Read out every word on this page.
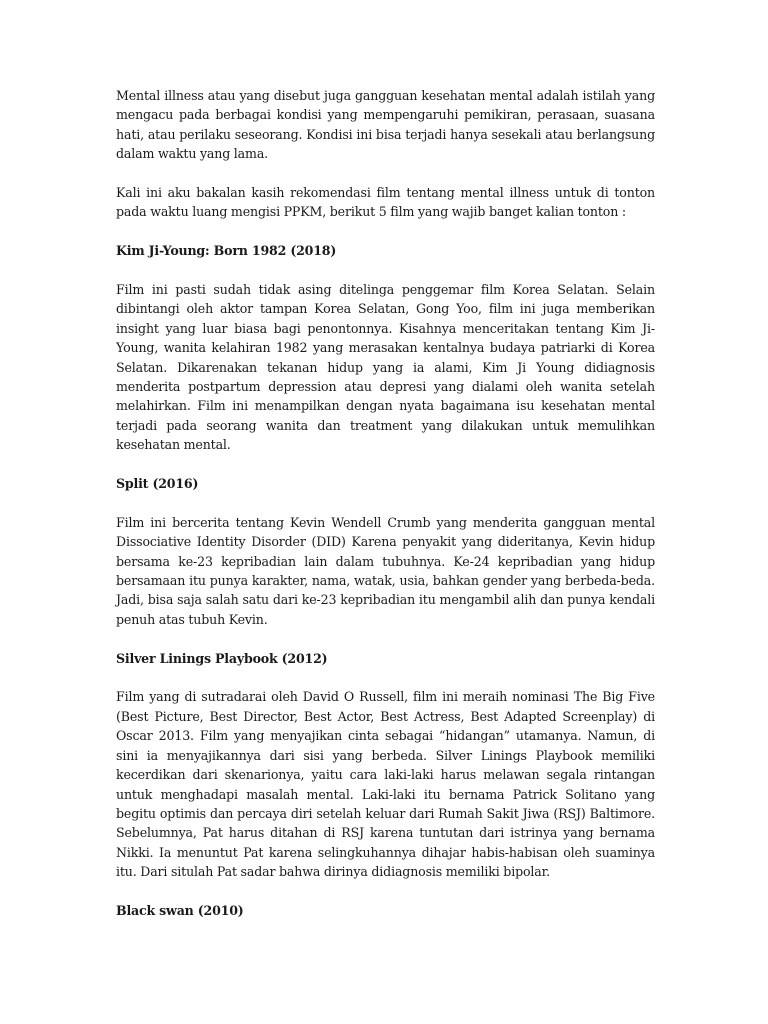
Mental illness atau yang disebut juga gangguan kesehatan mental adalah istilah yang mengacu pada berbagai kondisi yang mempengaruhi pemikiran, perasaan, suasana hati, atau perilaku seseorang. Kondisi ini bisa terjadi hanya sesekali atau berlangsung dalam waktu yang lama.

Kali ini aku bakalan kasih rekomendasi film tentang mental illness untuk di tonton pada waktu luang mengisi PPKM, berikut 5 film yang wajib banget kalian tonton :

Kim Ji-Young: Born 1982 (2018)

Film ini pasti sudah tidak asing ditelinga penggemar film Korea Selatan. Selain dibintangi oleh aktor tampan Korea Selatan, Gong Yoo, film ini juga memberikan insight yang luar biasa bagi penontonnya. Kisahnya menceritakan tentang Kim Ji-Young, wanita kelahiran 1982 yang merasakan kentalnya budaya patriarki di Korea Selatan. Dikarenakan tekanan hidup yang ia alami, Kim Ji Young didiagnosis menderita postpartum depression atau depresi yang dialami oleh wanita setelah melahirkan. Film ini menampilkan dengan nyata bagaimana isu kesehatan mental terjadi pada seorang wanita dan treatment yang dilakukan untuk memulihkan kesehatan mental.

Split (2016)

Film ini bercerita tentang Kevin Wendell Crumb yang menderita gangguan mental Dissociative Identity Disorder (DID) Karena penyakit yang dideritanya, Kevin hidup bersama ke-23 kepribadian lain dalam tubuhnya. Ke-24 kepribadian yang hidup bersamaan itu punya karakter, nama, watak, usia, bahkan gender yang berbeda-beda. Jadi, bisa saja salah satu dari ke-23 kepribadian itu mengambil alih dan punya kendali penuh atas tubuh Kevin.

Silver Linings Playbook (2012)

Film yang di sutradarai oleh David O Russell, film ini meraih nominasi The Big Five (Best Picture, Best Director, Best Actor, Best Actress, Best Adapted Screenplay) di Oscar 2013. Film yang menyajikan cinta sebagai “hidangan” utamanya. Namun, di sini ia menyajikannya dari sisi yang berbeda. Silver Linings Playbook memiliki kecerdikan dari skenarionya, yaitu cara laki-laki harus melawan segala rintangan untuk menghadapi masalah mental. Laki-laki itu bernama Patrick Solitano yang begitu optimis dan percaya diri setelah keluar dari Rumah Sakit Jiwa (RSJ) Baltimore. Sebelumnya, Pat harus ditahan di RSJ karena tuntutan dari istrinya yang bernama Nikki. Ia menuntut Pat karena selingkuhannya dihajar habis-habisan oleh suaminya itu. Dari situlah Pat sadar bahwa dirinya didiagnosis memiliki bipolar.

Black swan (2010)
